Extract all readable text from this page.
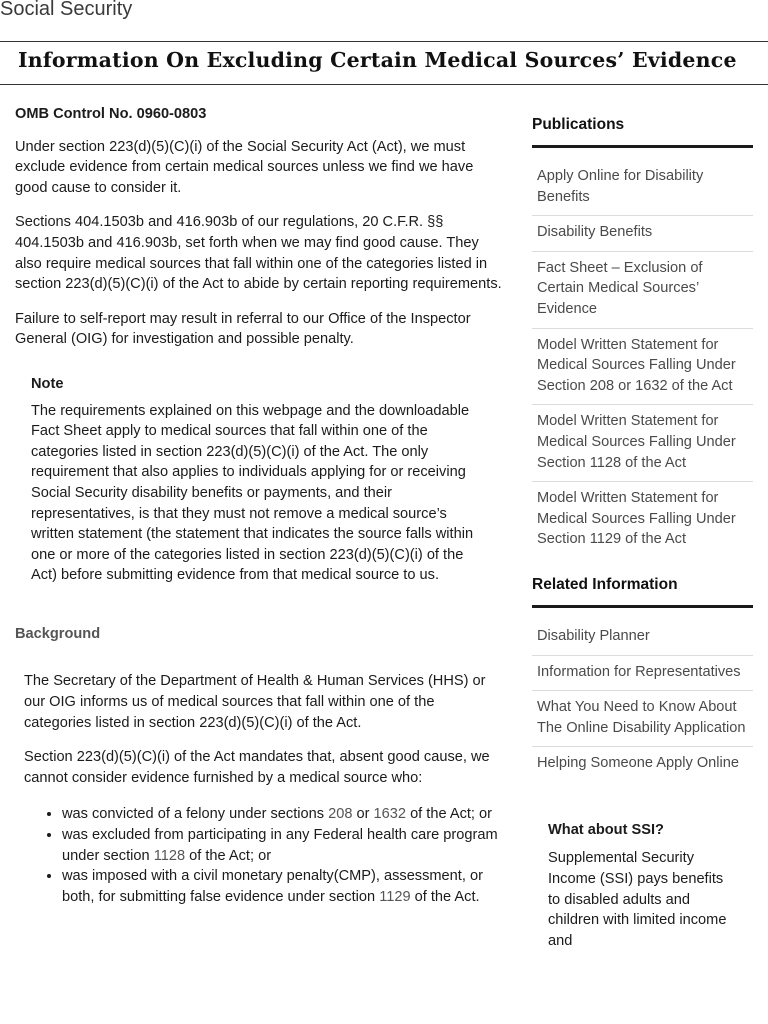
Social Security
Information On Excluding Certain Medical Sources’ Evidence

OMB Control No. 0960-0803

Under section 223(d)(5)(C)(i) of the Social Security Act (Act), we must exclude evidence from certain medical sources unless we find we have good cause to consider it.

Sections 404.1503b and 416.903b of our regulations, 20 C.F.R. §§ 404.1503b and 416.903b, set forth when we may find good cause. They also require medical sources that fall within one of the categories listed in section 223(d)(5)(C)(i) of the Act to abide by certain reporting requirements.

Failure to self-report may result in referral to our Office of the Inspector General (OIG) for investigation and possible penalty.

Note
The requirements explained on this webpage and the downloadable Fact Sheet apply to medical sources that fall within one of the categories listed in section 223(d)(5)(C)(i) of the Act. The only requirement that also applies to individuals applying for or receiving Social Security disability benefits or payments, and their representatives, is that they must not remove a medical source’s written statement (the statement that indicates the source falls within one or more of the categories listed in section 223(d)(5)(C)(i) of the Act) before submitting evidence from that medical source to us.
Background

The Secretary of the Department of Health & Human Services (HHS) or our OIG informs us of medical sources that fall within one of the categories listed in section 223(d)(5)(C)(i) of the Act.

Section 223(d)(5)(C)(i) of the Act mandates that, absent good cause, we cannot consider evidence furnished by a medical source who:

• was convicted of a felony under sections 208 or 1632 of the Act; or
• was excluded from participating in any Federal health care program under section 1128 of the Act; or
• was imposed with a civil monetary penalty(CMP), assessment, or both, for submitting false evidence under section 1129 of the Act.
Publications
Apply Online for Disability Benefits
Disability Benefits
Fact Sheet – Exclusion of Certain Medical Sources’ Evidence
Model Written Statement for Medical Sources Falling Under Section 208 or 1632 of the Act
Model Written Statement for Medical Sources Falling Under Section 1128 of the Act
Model Written Statement for Medical Sources Falling Under Section 1129 of the Act
Related Information
Disability Planner
Information for Representatives
What You Need to Know About The Online Disability Application
Helping Someone Apply Online
What about SSI?
Supplemental Security Income (SSI) pays benefits to disabled adults and children with limited income and
